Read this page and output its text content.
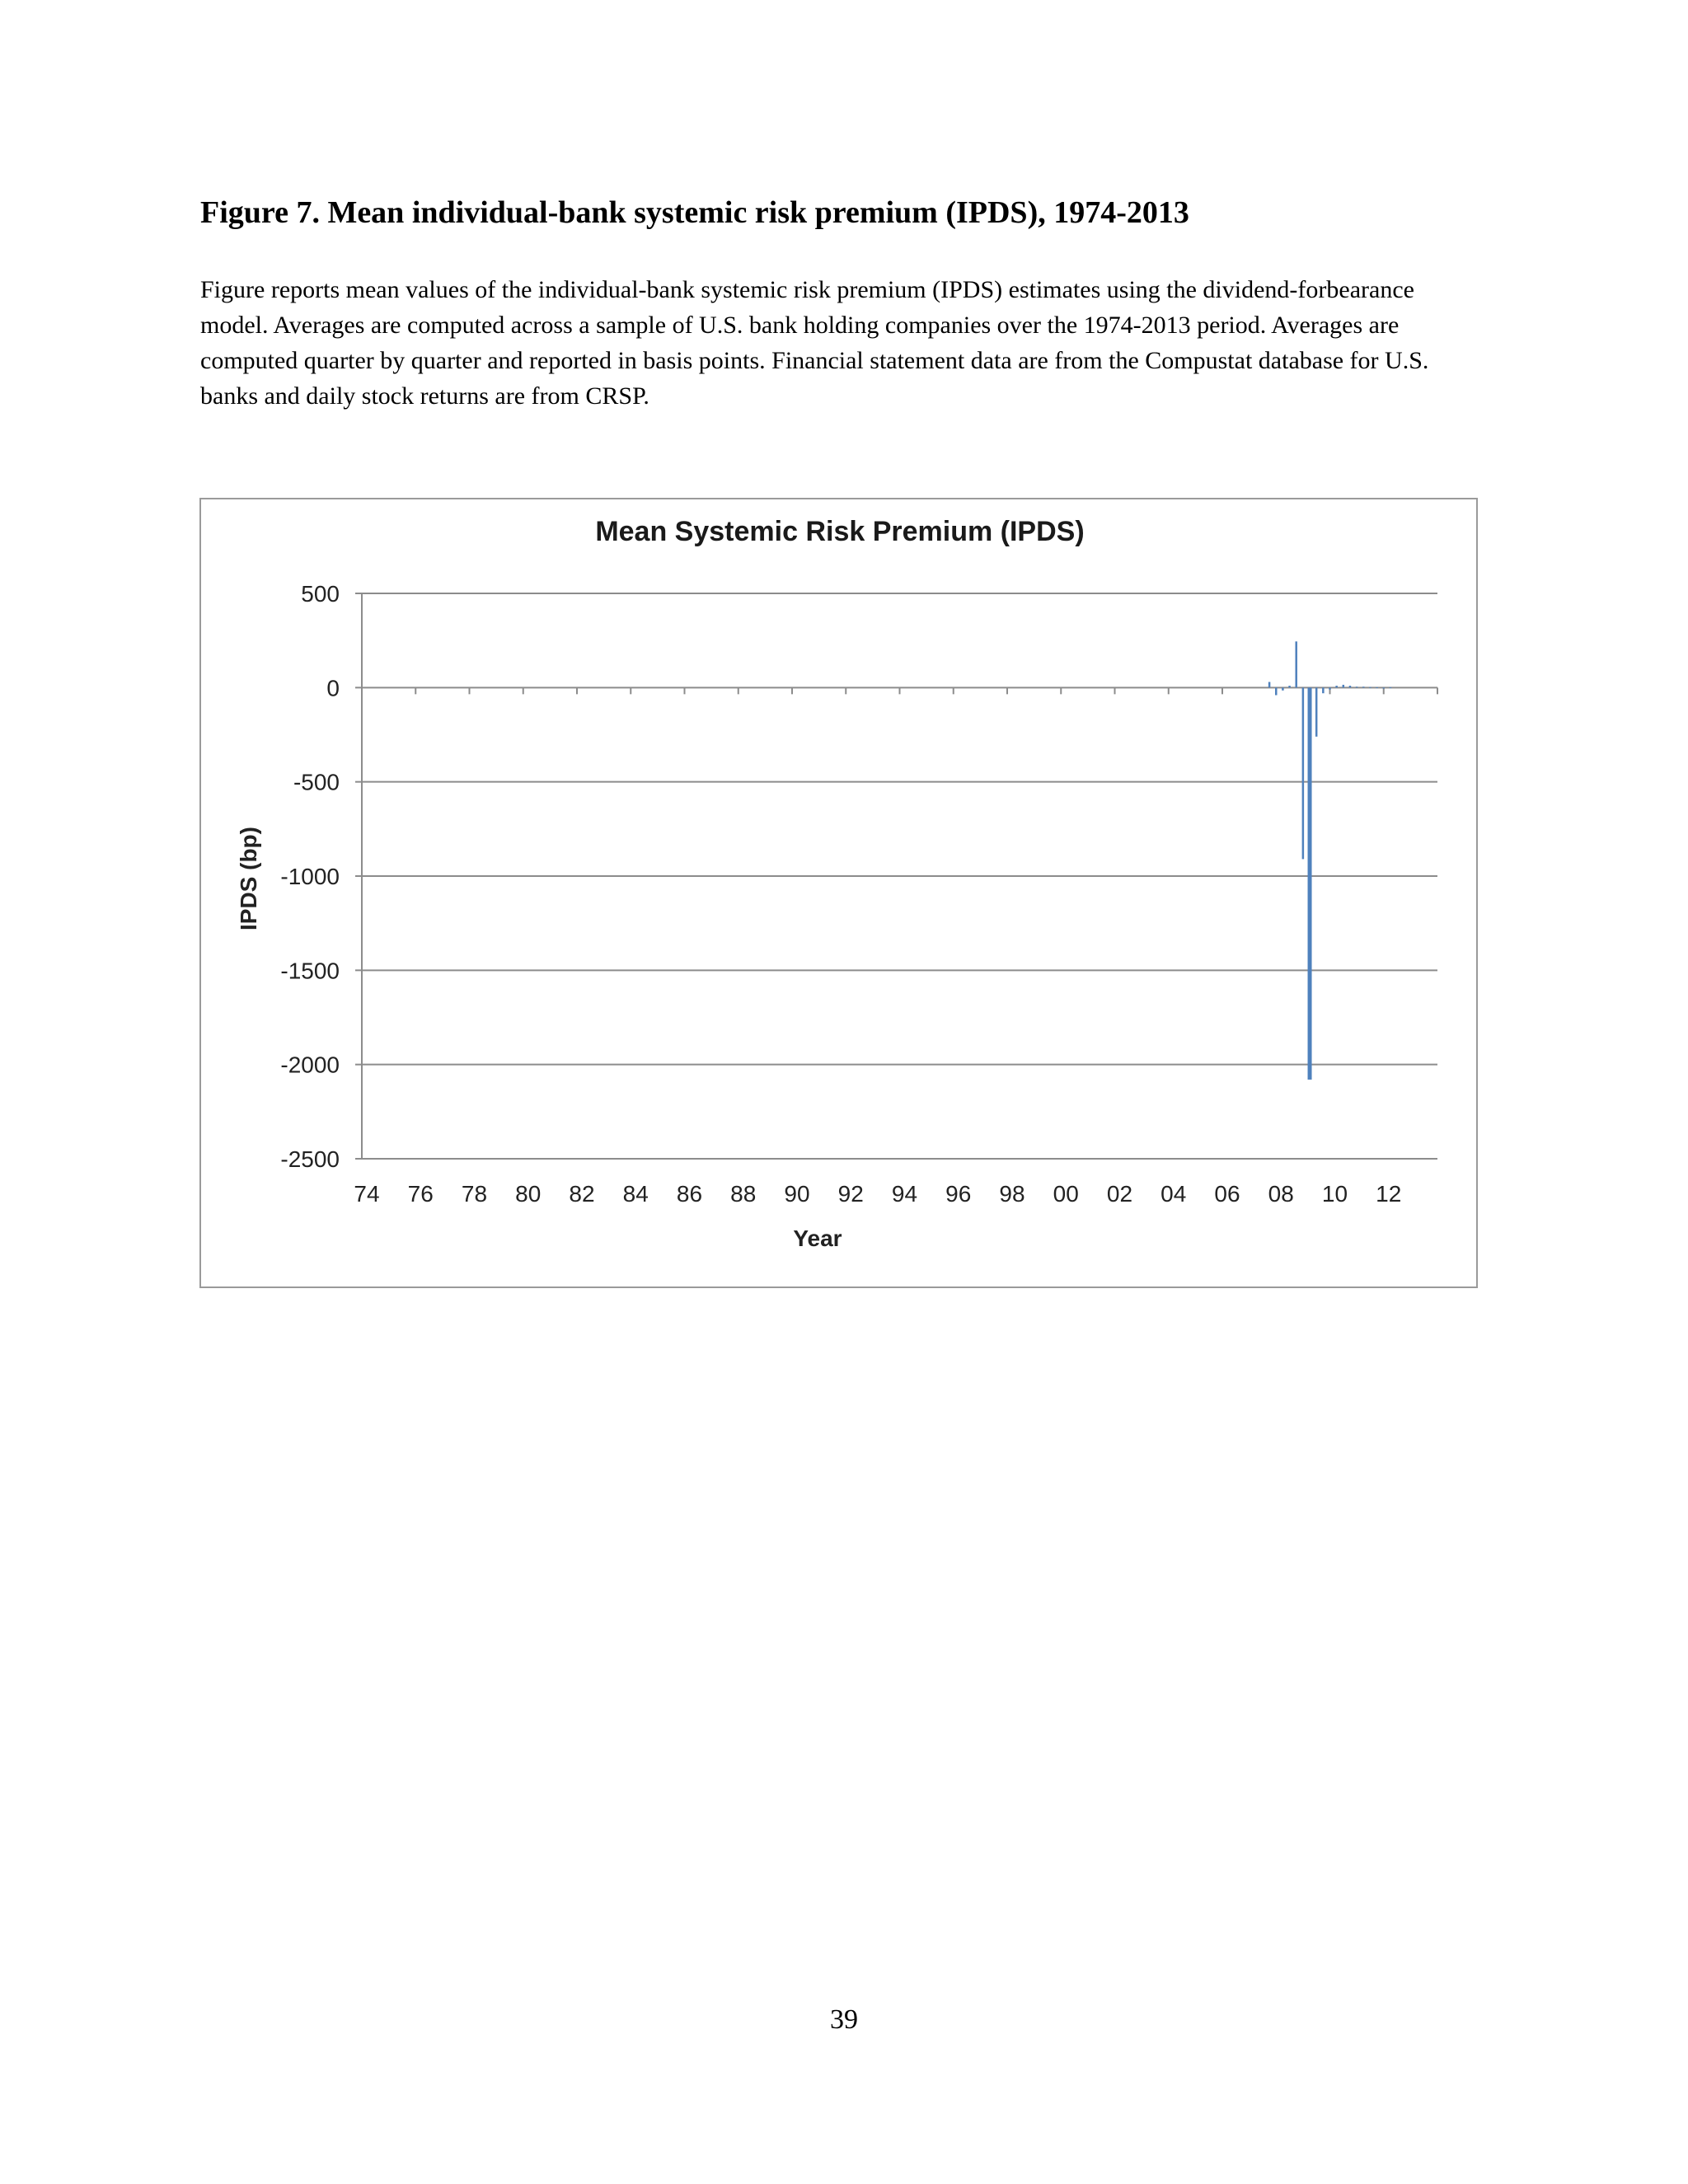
Figure 7. Mean individual-bank systemic risk premium (IPDS), 1974-2013
Figure reports mean values of the individual-bank systemic risk premium (IPDS) estimates using the dividend-forbearance model. Averages are computed across a sample of U.S. bank holding companies over the 1974-2013 period. Averages are computed quarter by quarter and reported in basis points. Financial statement data are from the Compustat database for U.S. banks and daily stock returns are from CRSP.
Mean Systemic Risk Premium (IPDS)
500
0
-500
-1000
-1500
-2000
-2500
74 76 78 80 82 84 86 88 90 92 94 96 98 00 02 04 06 08 10 12
Year
IPDS (bp)
39
